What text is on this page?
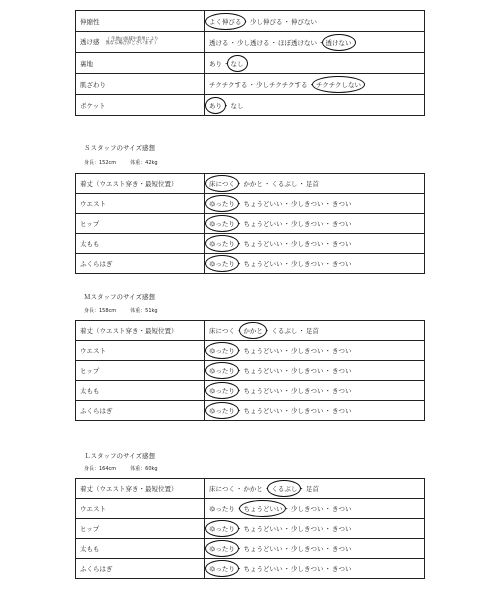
伸縮性	よく伸びる・少し伸びる・伸びない
透け感 （ 生地の加減や着用により
異なる場合がございます ）	透ける・少し透ける・ほぼ透けない・透けない
裏地	あり・なし
肌ざわり	チクチクする・少しチクチクする・チクチクしない
ポケット	あり・なし
Ｓスタッフのサイズ感想
身長：152cm	体重：42kg
着丈（ウエスト穿き・最短位置）	床につく・かかと・くるぶし・足首
ウエスト	ゆったり・ちょうどいい・少しきつい・きつい
ヒップ	ゆったり・ちょうどいい・少しきつい・きつい
太もも	ゆったり・ちょうどいい・少しきつい・きつい
ふくらはぎ	ゆったり・ちょうどいい・少しきつい・きつい
Ｍスタッフのサイズ感想
身長：158cm	体重：51kg
着丈（ウエスト穿き・最短位置）	床につく・かかと・くるぶし・足首
ウエスト	ゆったり・ちょうどいい・少しきつい・きつい
ヒップ	ゆったり・ちょうどいい・少しきつい・きつい
太もも	ゆったり・ちょうどいい・少しきつい・きつい
ふくらはぎ	ゆったり・ちょうどいい・少しきつい・きつい
Ｌスタッフのサイズ感想
身長：164cm	体重：60kg
着丈（ウエスト穿き・最短位置）	床につく・かかと・くるぶし・足首
ウエスト	ゆったり・ちょうどいい・少しきつい・きつい
ヒップ	ゆったり・ちょうどいい・少しきつい・きつい
太もも	ゆったり・ちょうどいい・少しきつい・きつい
ふくらはぎ	ゆったり・ちょうどいい・少しきつい・きつい
